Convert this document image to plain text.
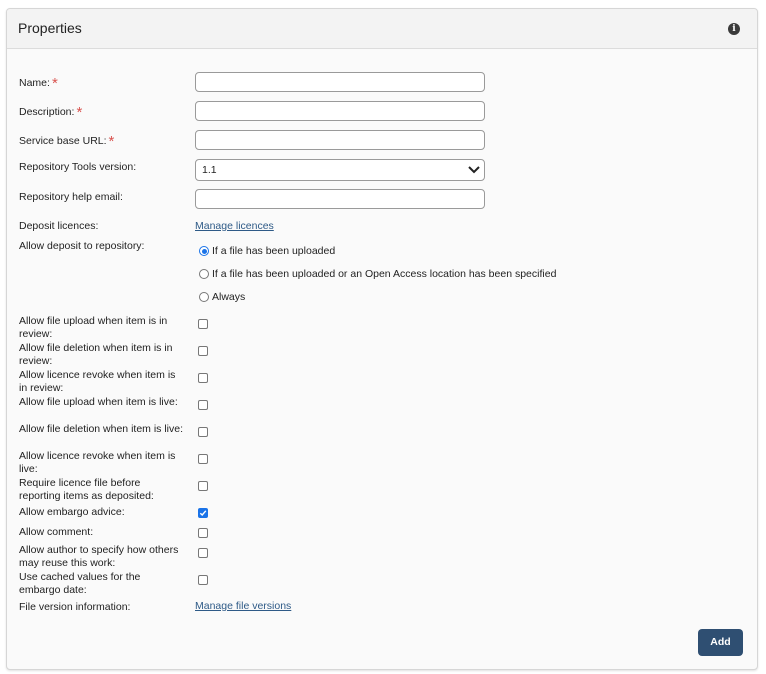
Properties	i
Name: *
Description: *
Service base URL: *
Repository Tools version:	1.1
Repository help email:
Deposit licences:	Manage licences
Allow deposit to repository:	If a file has been uploaded
If a file has been uploaded or an Open Access location has been specified
Always
Allow file upload when item is in review:
Allow file deletion when item is in review:
Allow licence revoke when item is in review:
Allow file upload when item is live:
Allow file deletion when item is live:
Allow licence revoke when item is live:
Require licence file before reporting items as deposited:
Allow embargo advice:
Allow comment:
Allow author to specify how others may reuse this work:
Use cached values for the embargo date:
File version information:	Manage file versions
Add
